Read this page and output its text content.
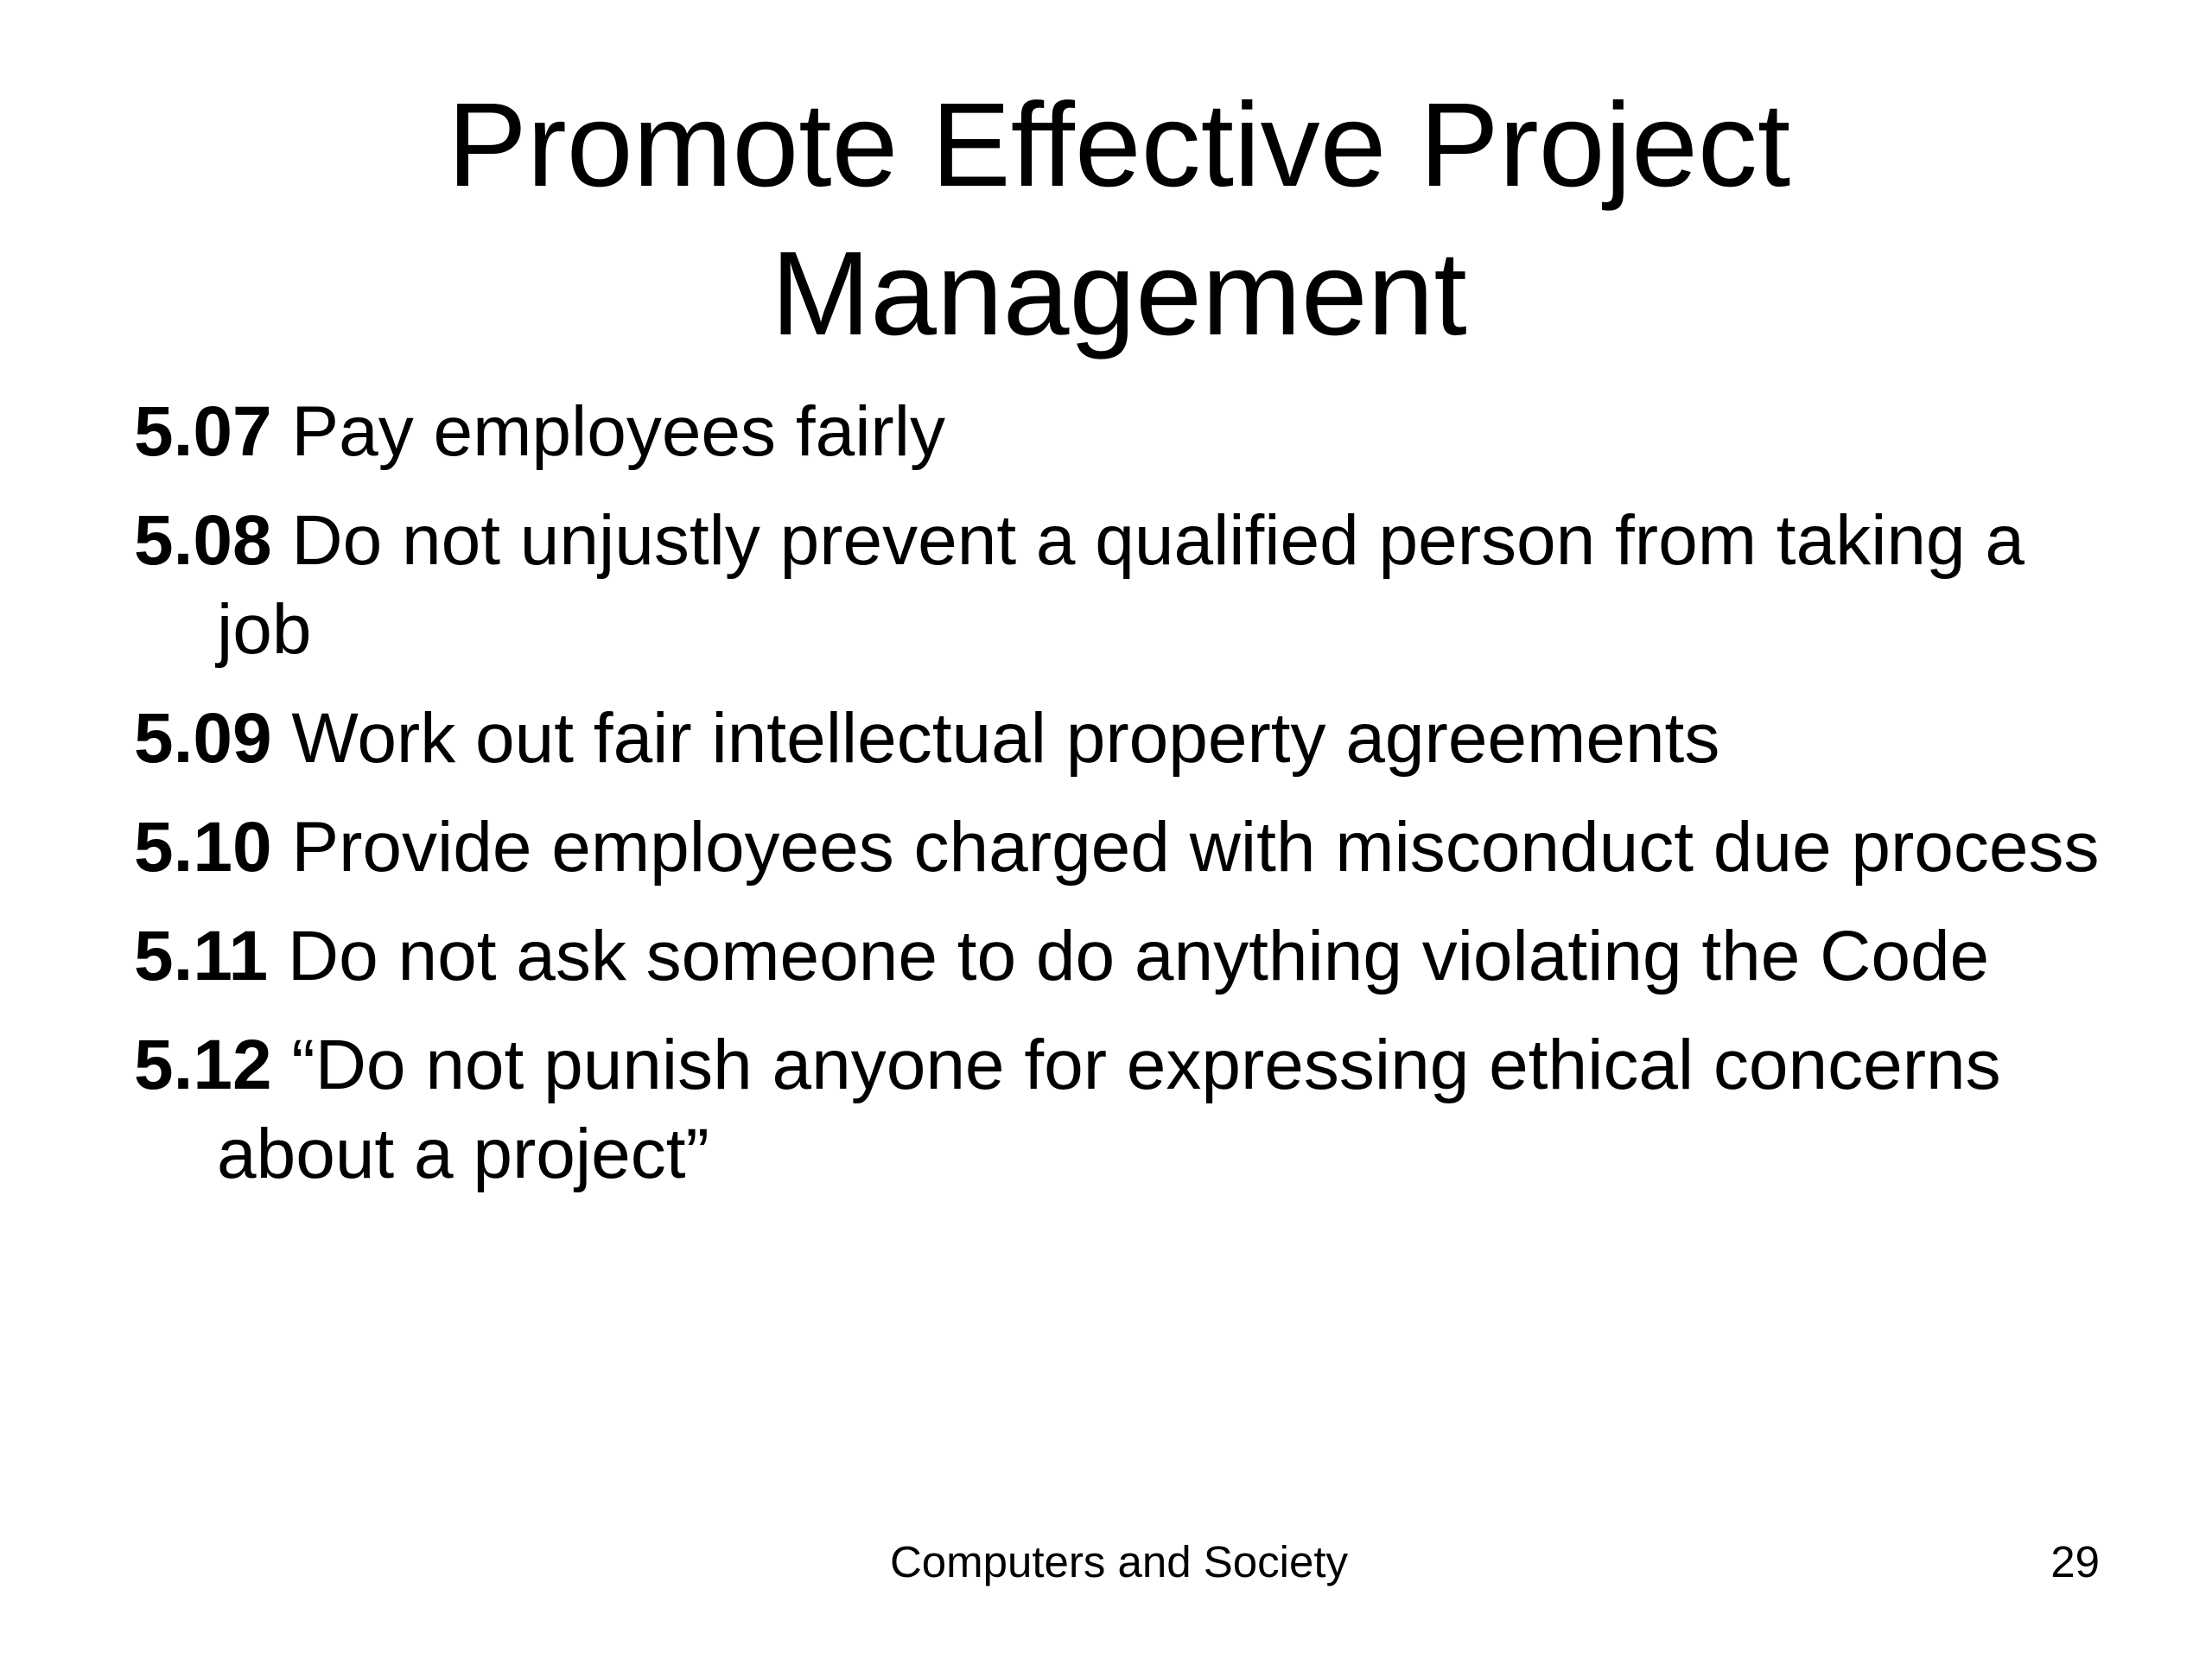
Promote Effective Project
Management
5.07 Pay employees fairly
5.08 Do not unjustly prevent a qualified person from taking a job
5.09 Work out fair intellectual property agreements
5.10 Provide employees charged with misconduct due process
5.11 Do not ask someone to do anything violating the Code
5.12 “Do not punish anyone for expressing ethical concerns about a project”
Computers and Society	29
